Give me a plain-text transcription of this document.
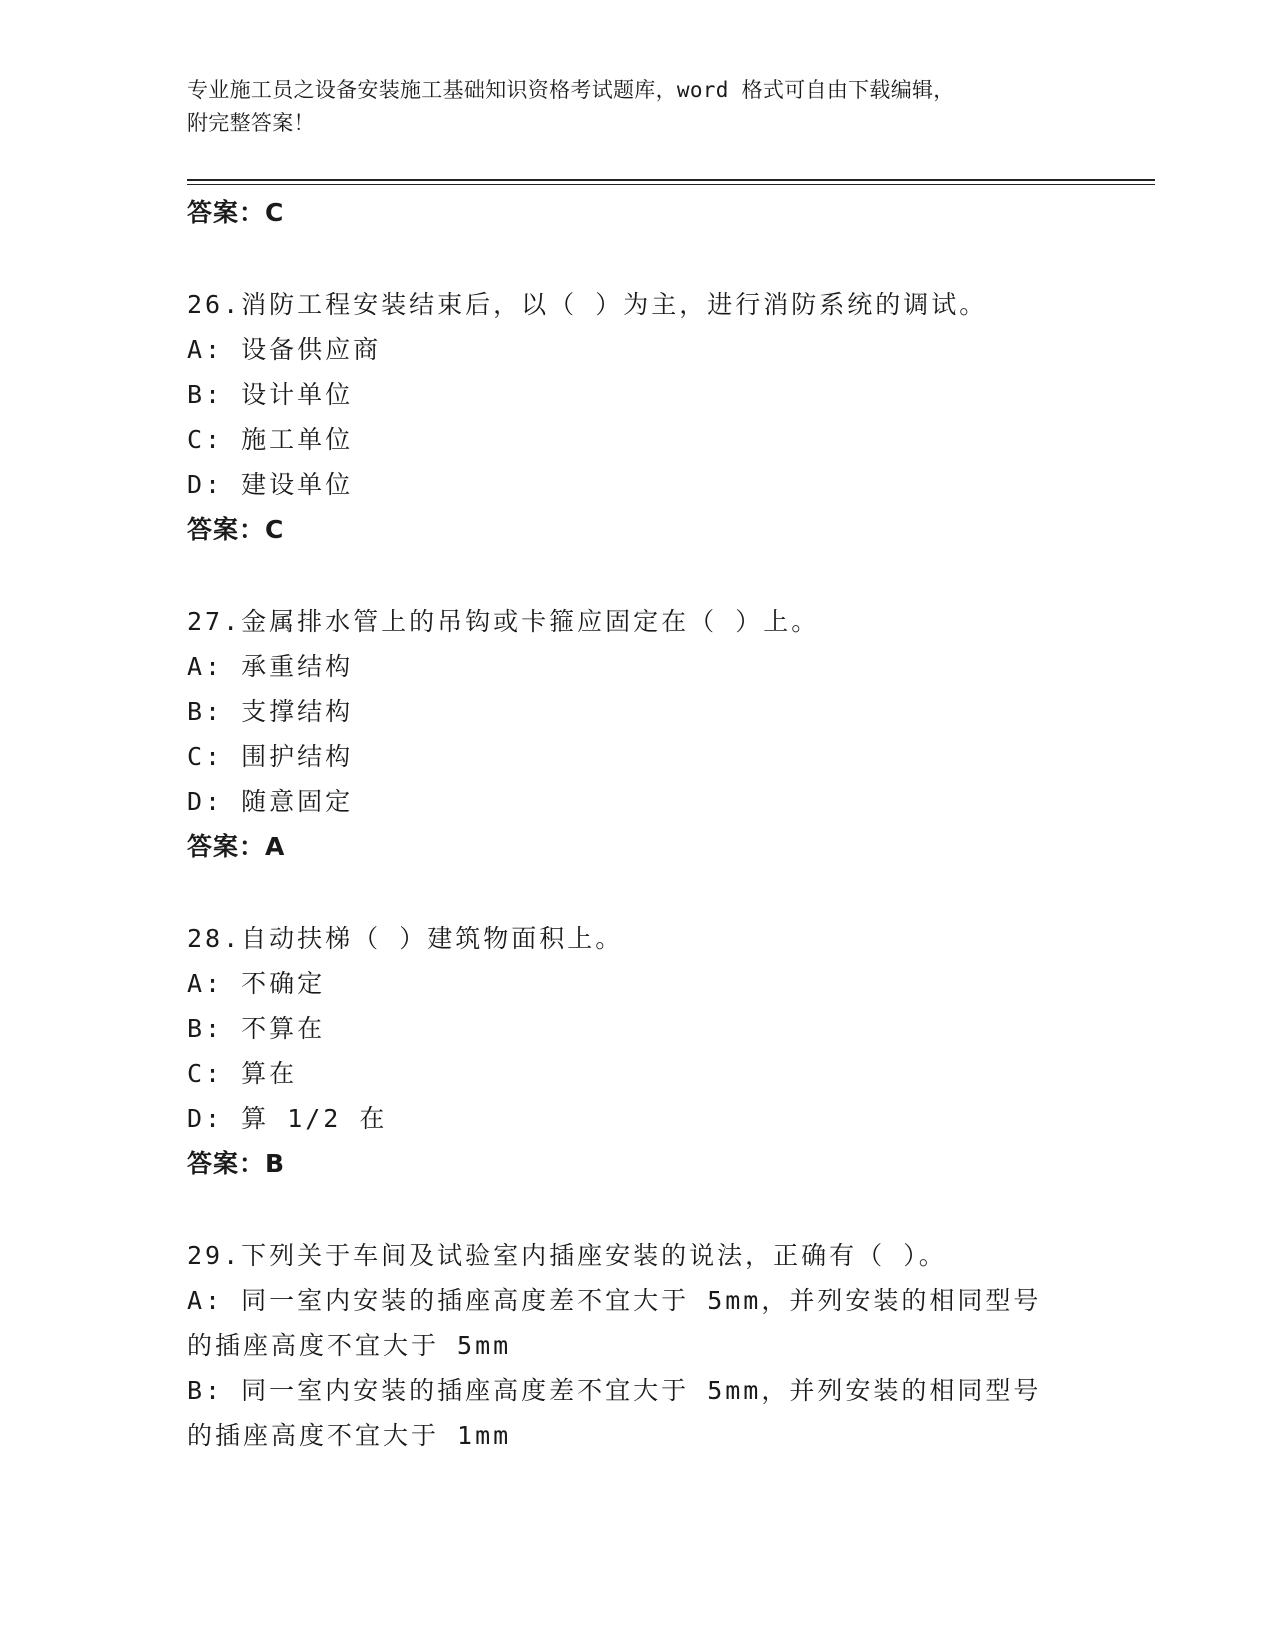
专业施工员之设备安装施工基础知识资格考试题库，word 格式可自由下载编辑，
附完整答案！
答案：C
26.消防工程安装结束后，以（ ）为主，进行消防系统的调试。
A: 设备供应商
B: 设计单位
C: 施工单位
D: 建设单位
答案：C
27.金属排水管上的吊钩或卡箍应固定在（ ）上。
A: 承重结构
B: 支撑结构
C: 围护结构
D: 随意固定
答案：A
28.自动扶梯（ ）建筑物面积上。
A: 不确定
B: 不算在
C: 算在
D: 算 1/2 在
答案：B
29.下列关于车间及试验室内插座安装的说法，正确有（ ）。
A: 同一室内安装的插座高度差不宜大于 5mm，并列安装的相同型号的插座高度不宜大于 5mm
B: 同一室内安装的插座高度差不宜大于 5mm，并列安装的相同型号的插座高度不宜大于 1mm
